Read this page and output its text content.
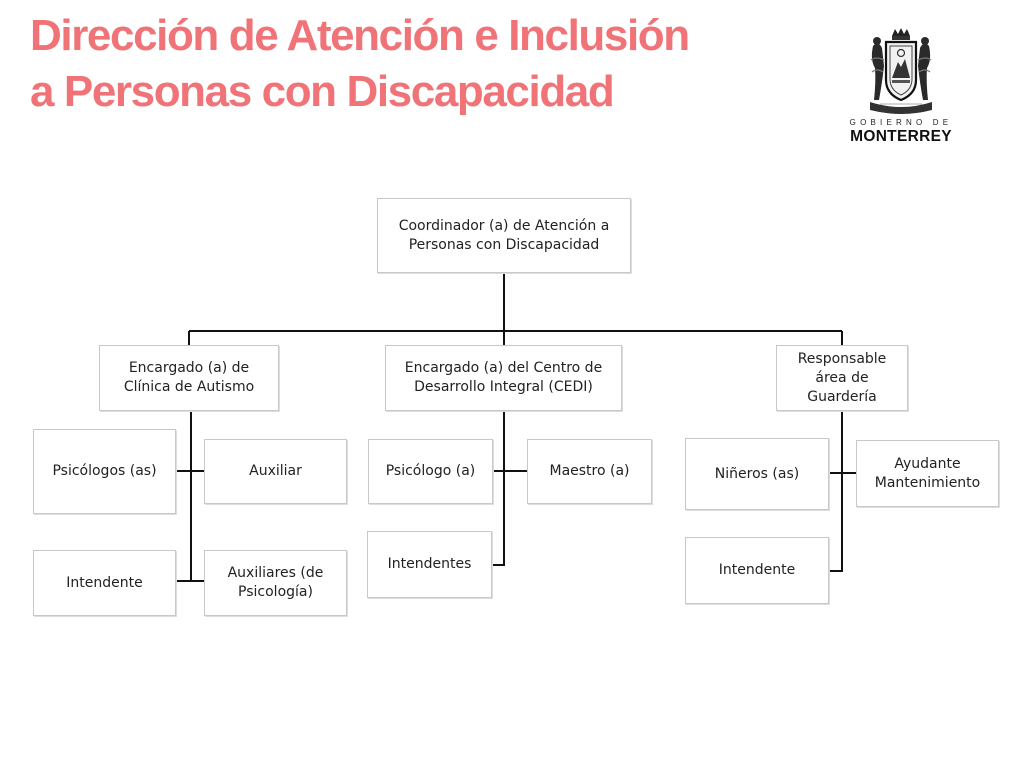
Dirección de Atención e Inclusión
a Personas con Discapacidad
GOBIERNO DE
MONTERREY
Coordinador (a) de Atención a Personas con Discapacidad
Encargado (a) de Clínica de Autismo
Encargado (a) del Centro de Desarrollo Integral (CEDI)
Responsable área de Guardería
Psicólogos (as)	Auxiliar
Intendente
Auxiliares (de Psicología)
Psicólogo (a)	Maestro (a)
Intendentes
Niñeros (as)
Ayudante Mantenimiento
Intendente
